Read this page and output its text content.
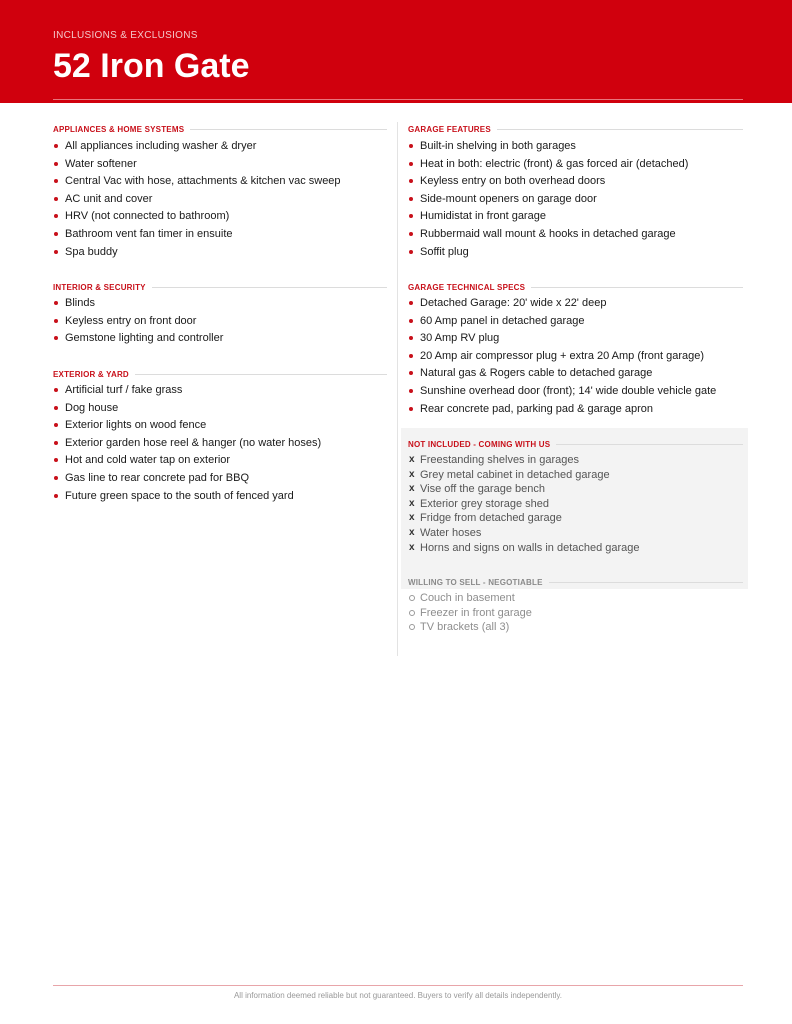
INCLUSIONS & EXCLUSIONS
52 Iron Gate
APPLIANCES & HOME SYSTEMS
All appliances including washer & dryer
Water softener
Central Vac with hose, attachments & kitchen vac sweep
AC unit and cover
HRV (not connected to bathroom)
Bathroom vent fan timer in ensuite
Spa buddy
INTERIOR & SECURITY
Blinds
Keyless entry on front door
Gemstone lighting and controller
EXTERIOR & YARD
Artificial turf / fake grass
Dog house
Exterior lights on wood fence
Exterior garden hose reel & hanger (no water hoses)
Hot and cold water tap on exterior
Gas line to rear concrete pad for BBQ
Future green space to the south of fenced yard
GARAGE FEATURES
Built-in shelving in both garages
Heat in both: electric (front) & gas forced air (detached)
Keyless entry on both overhead doors
Side-mount openers on garage door
Humidistat in front garage
Rubbermaid wall mount & hooks in detached garage
Soffit plug
GARAGE TECHNICAL SPECS
Detached Garage: 20' wide x 22' deep
60 Amp panel in detached garage
30 Amp RV plug
20 Amp air compressor plug + extra 20 Amp (front garage)
Natural gas & Rogers cable to detached garage
Sunshine overhead door (front); 14' wide double vehicle gate
Rear concrete pad, parking pad & garage apron
NOT INCLUDED - COMING WITH US
x Freestanding shelves in garages
x Grey metal cabinet in detached garage
x Vise off the garage bench
x Exterior grey storage shed
x Fridge from detached garage
x Water hoses
x Horns and signs on walls in detached garage
WILLING TO SELL - NEGOTIABLE
Couch in basement
Freezer in front garage
TV brackets (all 3)
All information deemed reliable but not guaranteed. Buyers to verify all details independently.
